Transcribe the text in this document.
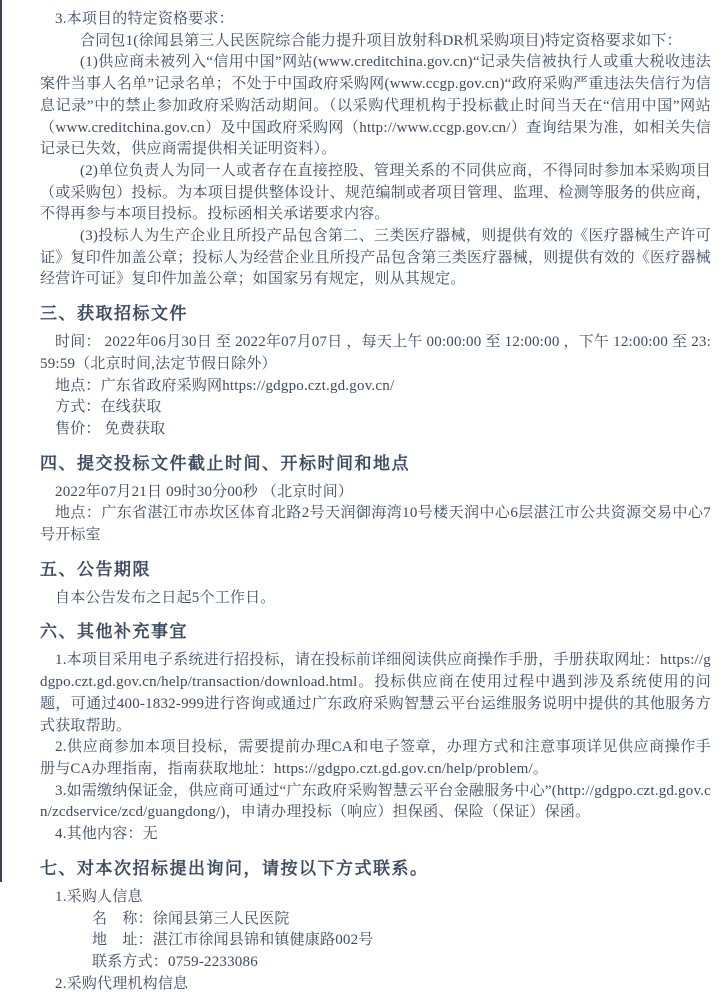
3.本项目的特定资格要求：

合同包1(徐闻县第三人民医院综合能力提升项目放射科DR机采购项目)特定资格要求如下：

(1)供应商未被列入“信用中国”网站(www.creditchina.gov.cn)“记录失信被执行人或重大税收违法案件当事人名单”记录名单；不处于中国政府采购网(www.ccgp.gov.cn)“政府采购严重违法失信行为信息记录”中的禁止参加政府采购活动期间。（以采购代理机构于投标截止时间当天在“信用中国”网站（www.creditchina.gov.cn）及中国政府采购网（http://www.ccgp.gov.cn/）查询结果为准，如相关失信记录已失效，供应商需提供相关证明资料）。

(2)单位负责人为同一人或者存在直接控股、管理关系的不同供应商，不得同时参加本采购项目（或采购包）投标。为本项目提供整体设计、规范编制或者项目管理、监理、检测等服务的供应商，不得再参与本项目投标。投标函相关承诺要求内容。

(3)投标人为生产企业且所投产品包含第二、三类医疗器械，则提供有效的《医疗器械生产许可证》复印件加盖公章；投标人为经营企业且所投产品包含第三类医疗器械，则提供有效的《医疗器械经营许可证》复印件加盖公章；如国家另有规定，则从其规定。

三、获取招标文件

时间： 2022年06月30日 至 2022年07月07日 ，每天上午 00:00:00 至 12:00:00 ，下午 12:00:00 至 23:59:59（北京时间,法定节假日除外）

地点：广东省政府采购网https://gdgpo.czt.gd.gov.cn/

方式：在线获取

售价： 免费获取

四、提交投标文件截止时间、开标时间和地点

2022年07月21日 09时30分00秒 （北京时间）

地点：广东省湛江市赤坎区体育北路2号天润御海湾10号楼天润中心6层湛江市公共资源交易中心7号开标室

五、公告期限

自本公告发布之日起5个工作日。

六、其他补充事宜

1.本项目采用电子系统进行招投标，请在投标前详细阅读供应商操作手册，手册获取网址：https://gdgpo.czt.gd.gov.cn/help/transaction/download.html。投标供应商在使用过程中遇到涉及系统使用的问题，可通过400-1832-999进行咨询或通过广东政府采购智慧云平台运维服务说明中提供的其他服务方式获取帮助。

2.供应商参加本项目投标，需要提前办理CA和电子签章，办理方式和注意事项详见供应商操作手册与CA办理指南，指南获取地址：https://gdgpo.czt.gd.gov.cn/help/problem/。

3.如需缴纳保证金，供应商可通过“广东政府采购智慧云平台金融服务中心”(http://gdgpo.czt.gd.gov.cn/zcdservice/zcd/guangdong/)，申请办理投标（响应）担保函、保险（保证）保函。

4.其他内容：无

七、对本次招标提出询问，请按以下方式联系。

1.采购人信息

名　称：徐闻县第三人民医院

地　址：湛江市徐闻县锦和镇健康路002号

联系方式：0759-2233086

2.采购代理机构信息
